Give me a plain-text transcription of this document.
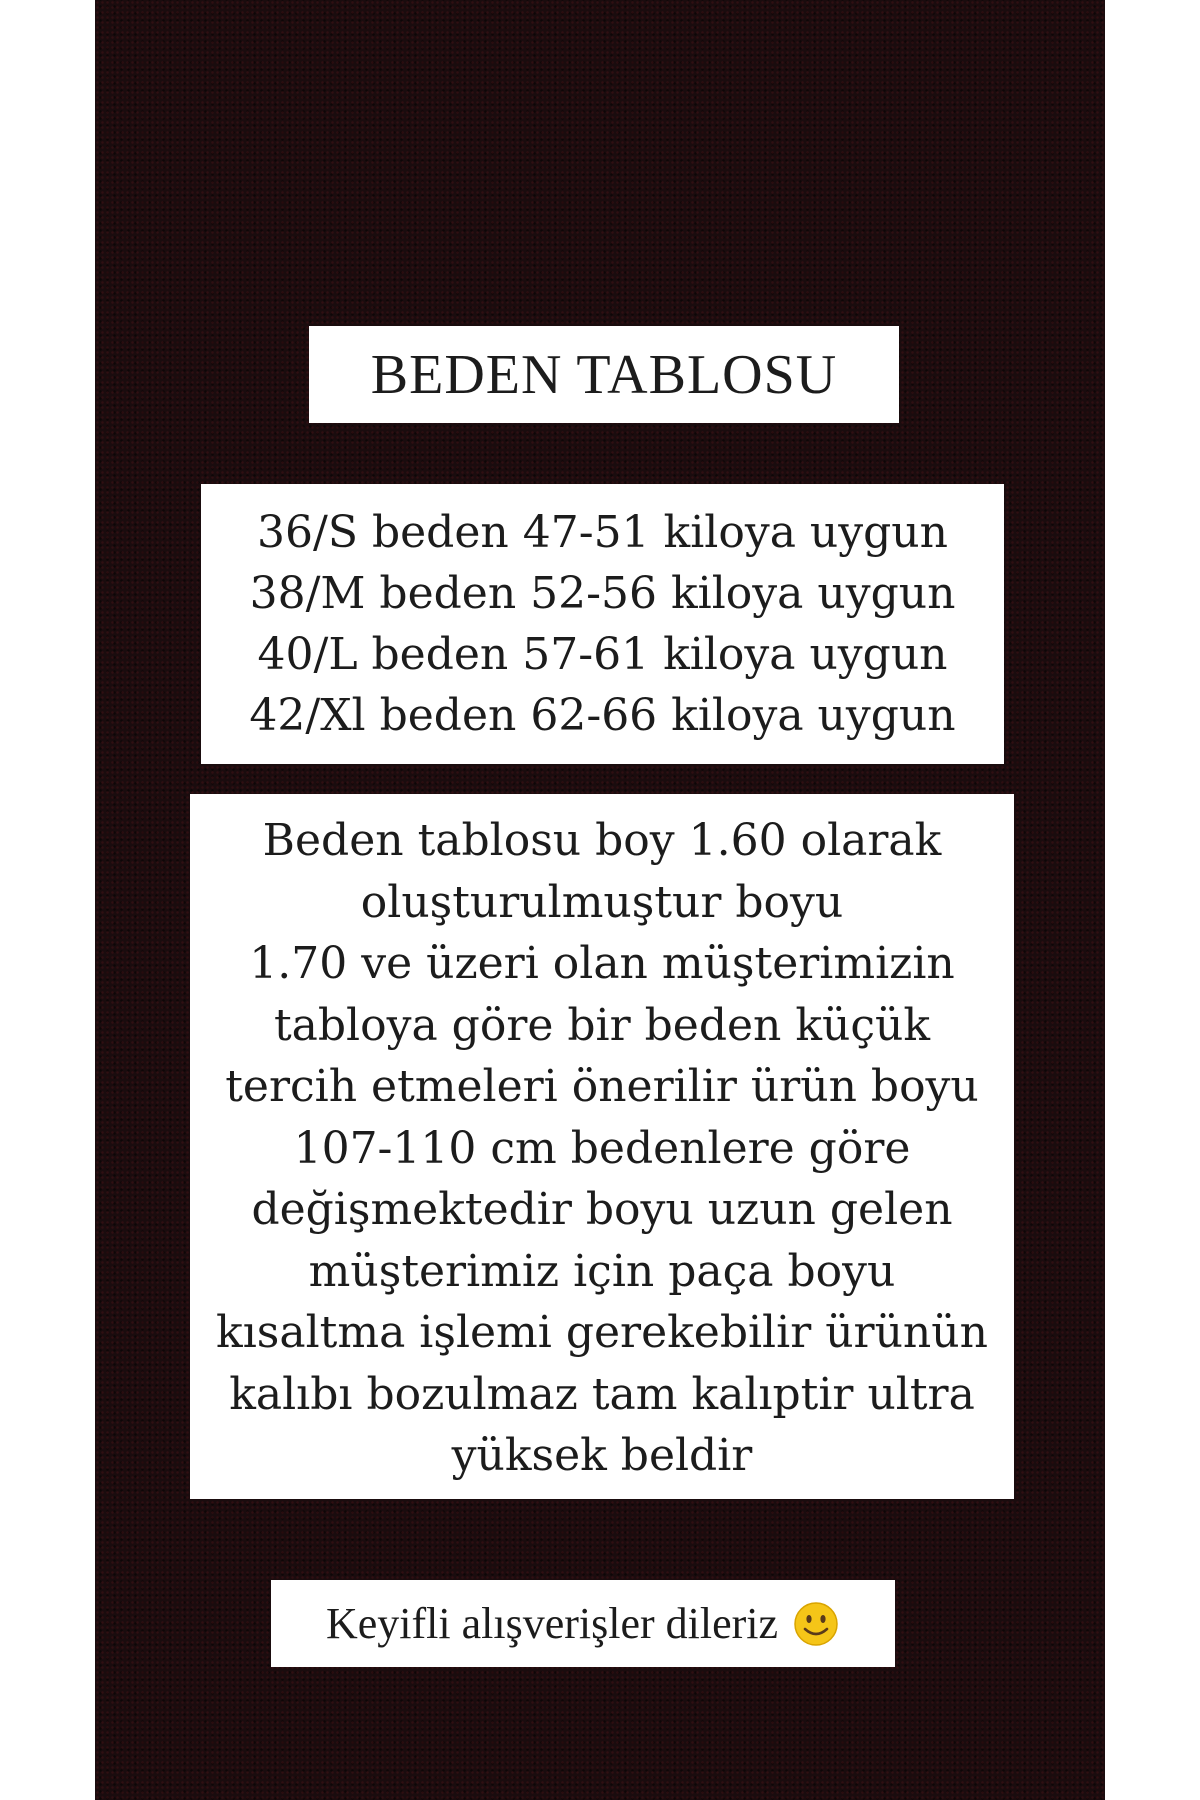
BEDEN TABLOSU
36/S beden 47-51 kiloya uygun
38/M beden 52-56 kiloya uygun
40/L beden 57-61 kiloya uygun
42/Xl beden 62-66 kiloya uygun
Beden tablosu boy 1.60 olarak
oluşturulmuştur boyu
1.70 ve üzeri olan müşterimizin
tabloya göre bir beden küçük
tercih etmeleri önerilir ürün boyu
107-110 cm bedenlere göre
değişmektedir boyu uzun gelen
müşterimiz için paça boyu
kısaltma işlemi gerekebilir ürünün
kalıbı bozulmaz tam kalıptir ultra
yüksek beldir
Keyifli alışverişler dileriz
